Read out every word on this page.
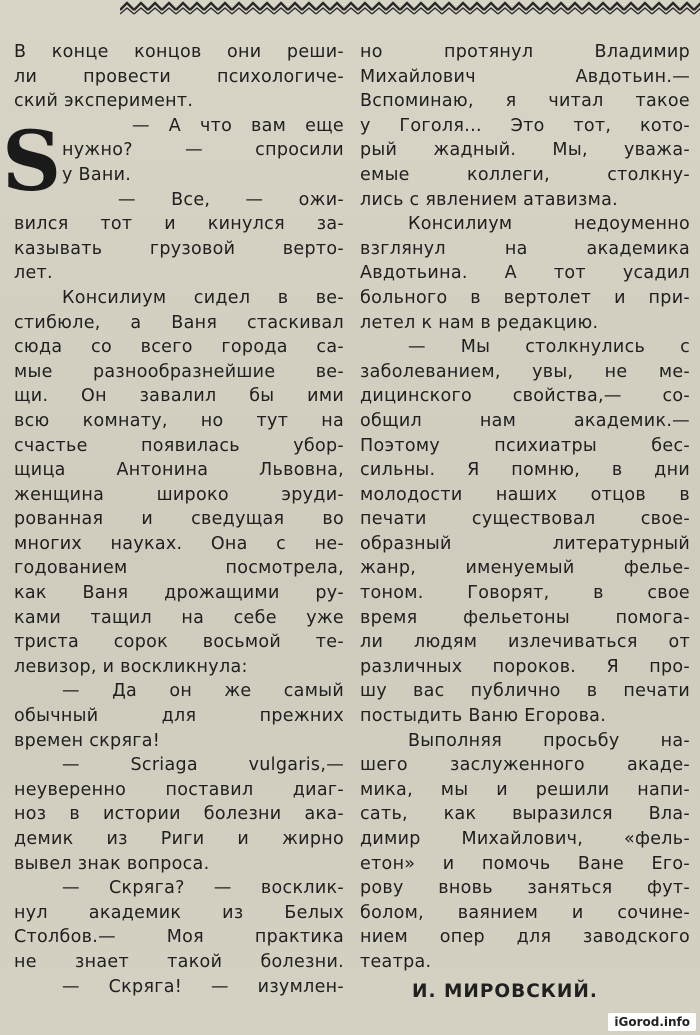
S
В конце концов они реши-
ли провести психологиче-
ский эксперимент.
— А что вам еще
нужно? — спросили
у Вани.
— Все, — ожи-
вился тот и кинулся за-
казывать грузовой верто-
лет.
Консилиум сидел в ве-
стибюле, а Ваня стаскивал
сюда со всего города са-
мые разнообразнейшие ве-
щи. Он завалил бы ими
всю комнату, но тут на
счастье появилась убор-
щица Антонина Львовна,
женщина широко эруди-
рованная и сведущая во
многих науках. Она с не-
годованием посмотрела,
как Ваня дрожащими ру-
ками тащил на себе уже
триста сорок восьмой те-
левизор, и воскликнула:
— Да он же самый
обычный для прежних
времен скряга!
— Scriaga vulgaris,—
неуверенно поставил диаг-
ноз в истории болезни ака-
демик из Риги и жирно
вывел знак вопроса.
— Скряга? — восклик-
нул академик из Белых
Столбов.— Моя практика
не знает такой болезни.
— Скряга! — изумлен-
но протянул Владимир
Михайлович Авдотьин.—
Вспоминаю, я читал такое
у Гоголя... Это тот, кото-
рый жадный. Мы, уважа-
емые коллеги, столкну-
лись с явлением атавизма.
Консилиум недоуменно
взглянул на академика
Авдотьина. А тот усадил
больного в вертолет и при-
летел к нам в редакцию.
— Мы столкнулись с
заболеванием, увы, не ме-
дицинского свойства,— со-
общил нам академик.—
Поэтому психиатры бес-
сильны. Я помню, в дни
молодости наших отцов в
печати существовал свое-
образный литературный
жанр, именуемый фелье-
тоном. Говорят, в свое
время фельетоны помога-
ли людям излечиваться от
различных пороков. Я про-
шу вас публично в печати
постыдить Ваню Егорова.
Выполняя просьбу на-
шего заслуженного акаде-
мика, мы и решили напи-
сать, как выразился Вла-
димир Михайлович, «фель-
етон» и помочь Ване Его-
рову вновь заняться фут-
болом, ваянием и сочине-
нием опер для заводского
театра.
И. МИРОВСКИЙ.
iGorod.info
